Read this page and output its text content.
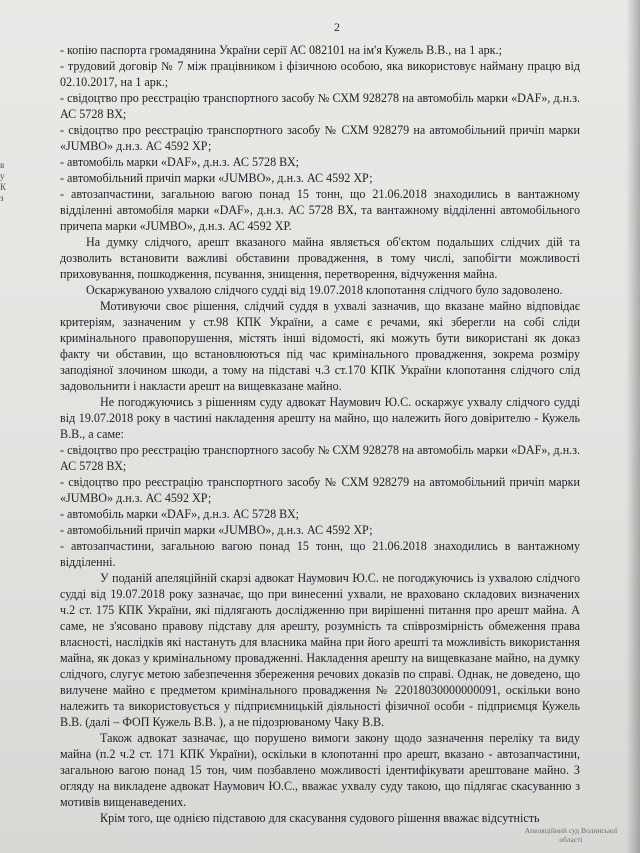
2
в
у
К
з

- копію паспорта громадянина України серії АС 082101 на ім'я Кужель В.В., на 1 арк.;

- трудовий договір № 7 між працівником і фізичною особою, яка використовує найману працю від 02.10.2017, на 1 арк.;

- свідоцтво про реєстрацію транспортного засобу № СХМ 928278 на автомобіль марки «DAF», д.н.з. АС 5728 ВХ;

- свідоцтво про реєстрацію транспортного засобу № СХМ 928279 на автомобільний причіп марки «JUMBO» д.н.з. АС 4592 ХР;

- автомобіль марки «DAF», д.н.з. АС 5728 ВХ;

- автомобільний причіп марки «JUMBO», д.н.з. АС 4592 ХР;

- автозапчастини, загальною вагою понад 15 тонн, що 21.06.2018 знаходились в вантажному відділенні автомобіля марки «DAF», д.н.з. АС 5728 ВХ, та вантажному відділенні автомобільного причепа марки «JUMBO», д.н.з. АС 4592 ХР.

На думку слідчого, арешт вказаного майна являється об'єктом подальших слідчих дій та дозволить встановити важливі обставини провадження, в тому числі, запобігти можливості приховування, пошкодження, псування, знищення, перетворення, відчуження майна.

Оскаржуваною ухвалою слідчого судді від 19.07.2018 клопотання слідчого було задоволено.

Мотивуючи своє рішення, слідчий суддя в ухвалі зазначив, що вказане майно відповідає критеріям, зазначеним у ст.98 КПК України, а саме є речами, які зберегли на собі сліди кримінального правопорушення, містять інші відомості, які можуть бути використані як доказ факту чи обставин, що встановлюються під час кримінального провадження, зокрема розміру заподіяної злочином шкоди, а тому на підставі ч.3 ст.170 КПК України клопотання слідчого слід задовольнити і накласти арешт на вищевказане майно.

Не погоджуючись з рішенням суду адвокат Наумович Ю.С. оскаржує ухвалу слідчого судді від 19.07.2018 року в частині накладення арешту на майно, що належить його довірителю - Кужель В.В., а саме:

- свідоцтво про реєстрацію транспортного засобу № СХМ 928278 на автомобіль марки «DAF», д.н.з. АС 5728 ВХ;

- свідоцтво про реєстрацію транспортного засобу № СХМ 928279 на автомобільний причіп марки «JUMBO» д.н.з. АС 4592 ХР;

- автомобіль марки «DAF», д.н.з. АС 5728 ВХ;

- автомобільний причіп марки «JUMBO», д.н.з. АС 4592 ХР;

- автозапчастини, загальною вагою понад 15 тонн, що 21.06.2018 знаходились в вантажному відділенні.

У поданій апеляційній скарзі адвокат Наумович Ю.С. не погоджуючись із ухвалою слідчого судді від 19.07.2018 року зазначає, що при винесенні ухвали, не враховано складових визначених ч.2 ст. 175 КПК України, які підлягають дослідженню при вирішенні питання про арешт майна. А саме, не з'ясовано правову підставу для арешту, розумність та співрозмірність обмеження права власності, наслідків які настануть для власника майна при його арешті та можливість використання майна, як доказ у кримінальному провадженні. Накладення арешту на вищевказане майно, на думку слідчого, слугує метою забезпечення збереження речових доказів по справі. Однак, не доведено, що вилучене майно є предметом кримінального провадження № 22018030000000091, оскільки воно належить та використовується у підприємницькій діяльності фізичної особи - підприємця Кужель В.В. (далі – ФОП Кужель В.В. ), а не підозрюваному Чаку В.В.

Також адвокат зазначає, що порушено вимоги закону щодо зазначення переліку та виду майна (п.2 ч.2 ст. 171 КПК України), оскільки в клопотанні про арешт, вказано - автозапчастини, загальною вагою понад 15 тон, чим позбавлено можливості ідентифікувати арештоване майно. З огляду на викладене адвокат Наумович Ю.С., вважає ухвалу суду такою, що підлягає скасуванню з мотивів вищенаведених.

Крім того, ще однією підставою для скасування судового рішення вважає відсутність

Апеляційний суд Волинської області
